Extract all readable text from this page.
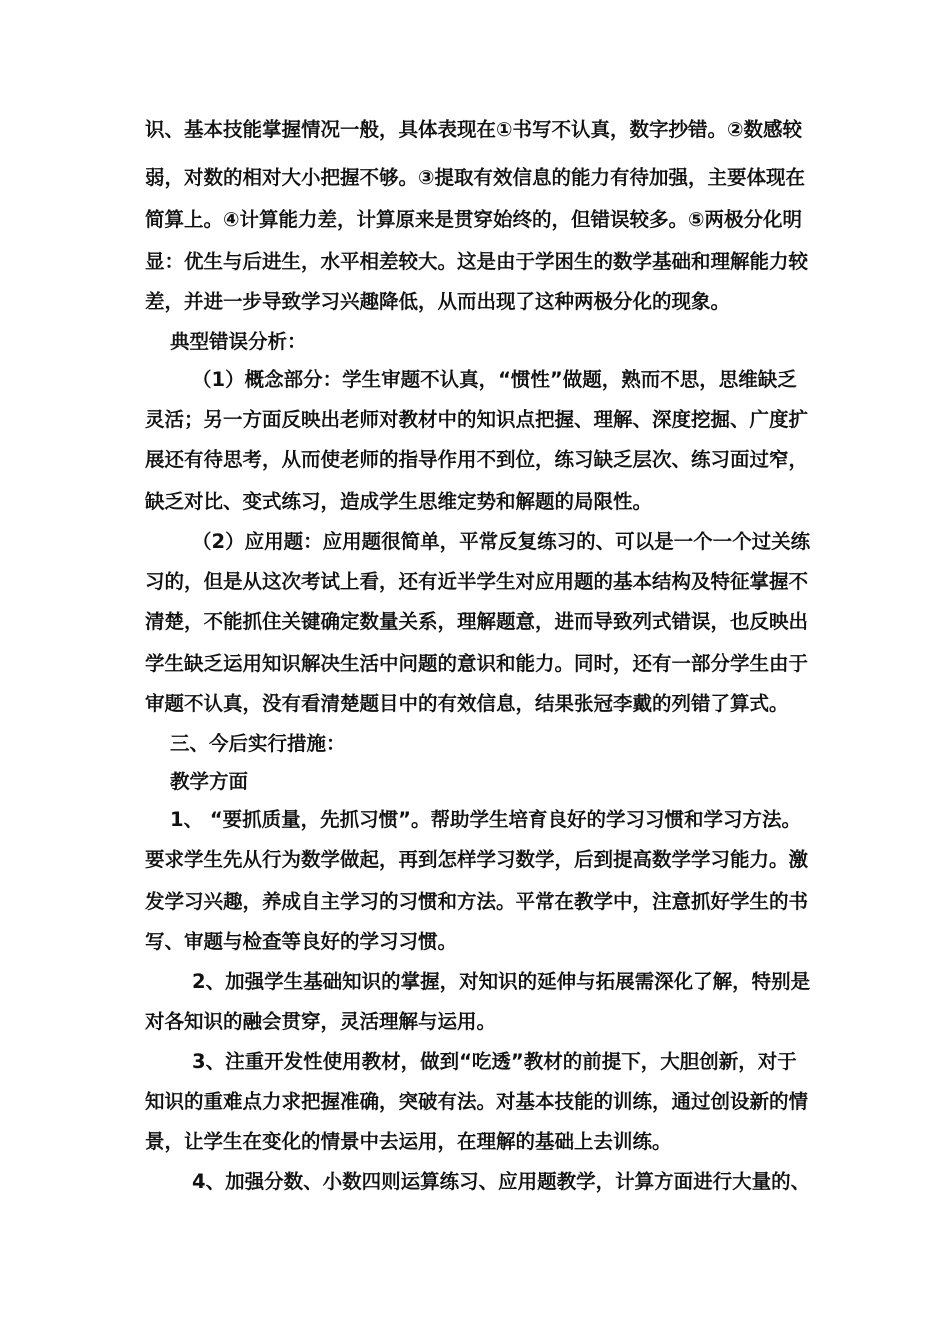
识、基本技能掌握情况一般，具体表现在①书写不认真，数字抄错。②数感较
弱，对数的相对大小把握不够。③提取有效信息的能力有待加强，主要体现在
简算上。④计算能力差，计算原来是贯穿始终的，但错误较多。⑤两极分化明
显：优生与后进生，水平相差较大。这是由于学困生的数学基础和理解能力较
差，并进一步导致学习兴趣降低，从而出现了这种两极分化的现象。
典型错误分析：
（1）概念部分：学生审题不认真，“惯性”做题，熟而不思，思维缺乏
灵活；另一方面反映出老师对教材中的知识点把握、理解、深度挖掘、广度扩
展还有待思考，从而使老师的指导作用不到位，练习缺乏层次、练习面过窄，
缺乏对比、变式练习，造成学生思维定势和解题的局限性。
（2）应用题：应用题很简单，平常反复练习的、可以是一个一个过关练
习的，但是从这次考试上看，还有近半学生对应用题的基本结构及特征掌握不
清楚，不能抓住关键确定数量关系，理解题意，进而导致列式错误，也反映出
学生缺乏运用知识解决生活中问题的意识和能力。同时，还有一部分学生由于
审题不认真，没有看清楚题目中的有效信息，结果张冠李戴的列错了算式。
三、今后实行措施：
教学方面
1、 “要抓质量，先抓习惯”。帮助学生培育良好的学习习惯和学习方法。
要求学生先从行为数学做起，再到怎样学习数学，后到提高数学学习能力。激
发学习兴趣，养成自主学习的习惯和方法。平常在教学中，注意抓好学生的书
写、审题与检查等良好的学习习惯。
2、加强学生基础知识的掌握，对知识的延伸与拓展需深化了解，特别是
对各知识的融会贯穿，灵活理解与运用。
3、注重开发性使用教材，做到“吃透”教材的前提下，大胆创新，对于
知识的重难点力求把握准确，突破有法。对基本技能的训练，通过创设新的情
景，让学生在变化的情景中去运用，在理解的基础上去训练。
4、加强分数、小数四则运算练习、应用题教学，计算方面进行大量的、
